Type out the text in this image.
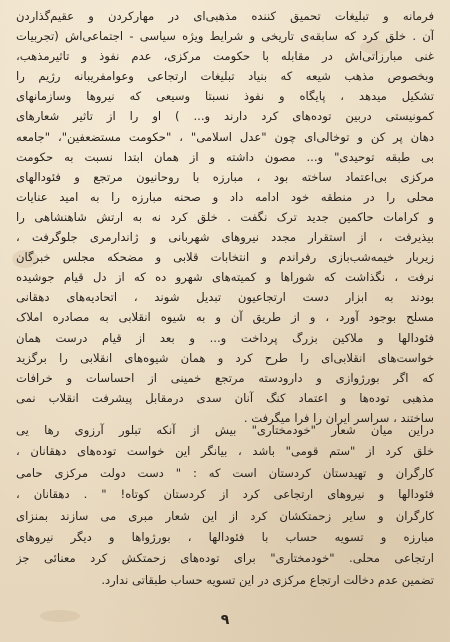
فرمانه و تبلیغات تحمیق کننده مذهبی‌ای در مهارکردن و عقیم‌گذاردن
آن . خلق کرد که سابقه‌ی تاریخی و شرایط ویژه سیاسی - اجتماعی‌اش (تجربیات
غنی مبارزاتی‌اش در مقابله با حکومت مرکزی، عدم نفوذ و تاثیرمذهب،
وبخصوص مذهب شیعه که بنیاد تبلیغات ارتجاعی وعوامفریبانه رژیم را
تشکیل میدهد ، پایگاه و نفوذ نسبتا وسیعی که نیروها وسازمانهای
کمونیستی دربین توده‌های کرد دارند و... ) او را از تاثیر شعارهای
دهان پر کن و توخالی‌ای چون "عدل اسلامی" ، "حکومت مستضعفین"، "جامعه
بی طبقه توحیدی" و... مصون داشته و از همان ابتدا نسبت به حکومت
مرکزی بی‌اعتماد ساخته بود ، مبارزه با روحانیون مرتجع و فئودالهای
محلی را در منطقه خود ادامه داد و صحنه مبارزه را به امید عنایات
و کرامات حاکمین جدید ترک نگفت . خلق کرد نه به ارتش شاهنشاهی را
بیذیرفت ، از استقرار مجدد نیروهای شهربانی و ژاندارمری جلوگرفت ،
زیربار خیمه‌شب‌بازی رفراندم و انتخابات قلابی و مضحکه مجلس خبرگان
نرفت ، نگذاشت که شوراها و کمیته‌های شهرو ده که از دل قیام جوشیده
بودند به ابزار دست ارتجاعیون تبدیل شوند ، اتحادیه‌های دهقانی
مسلح بوجود آورد ، و از طریق آن و به شیوه انقلابی به مصادره املاک
فئودالها و ملاکین بزرگ پرداخت و... و بعد از قیام درست همان
خواست‌های انقلابی‌ای را طرح کرد و همان شیوه‌های انقلابی را برگزید
که اگر بورژوازی و دارودسته مرتجع خمینی از احساسات و خرافات
مذهبی توده‌ها و اعتماد کنگ آنان سدی درمقابل پیشرفت انقلاب نمی
ساختند ، سراسر ایران را فرا میگرفت .
دراین میان شعار "خودمختاری" بیش از آنکه تبلور آرزوی رها یی
خلق کرد از "ستم قومی" باشد ، بیانگر این خواست توده‌های دهقانان ،
کارگران و تهیدستان کردستان است که : " دست دولت مرکزی حامی
فئودالها و نیروهای ارتجاعی کرد از کردستان کوتاه! " . دهقانان ،
کارگران و سایر زحمتکشان کرد از این شعار مبری می سازند بمنزای
مبارزه و تسویه حساب با فئودالها ، بورژواها و دیگر نیروهای
ارتجاعی محلی. "خودمختاری" برای توده‌های زحمتکش کرد معنائی جز
تضمین عدم دخالت ارتجاع مرکزی در این تسویه حساب طبقاتی ندارد.
۹
